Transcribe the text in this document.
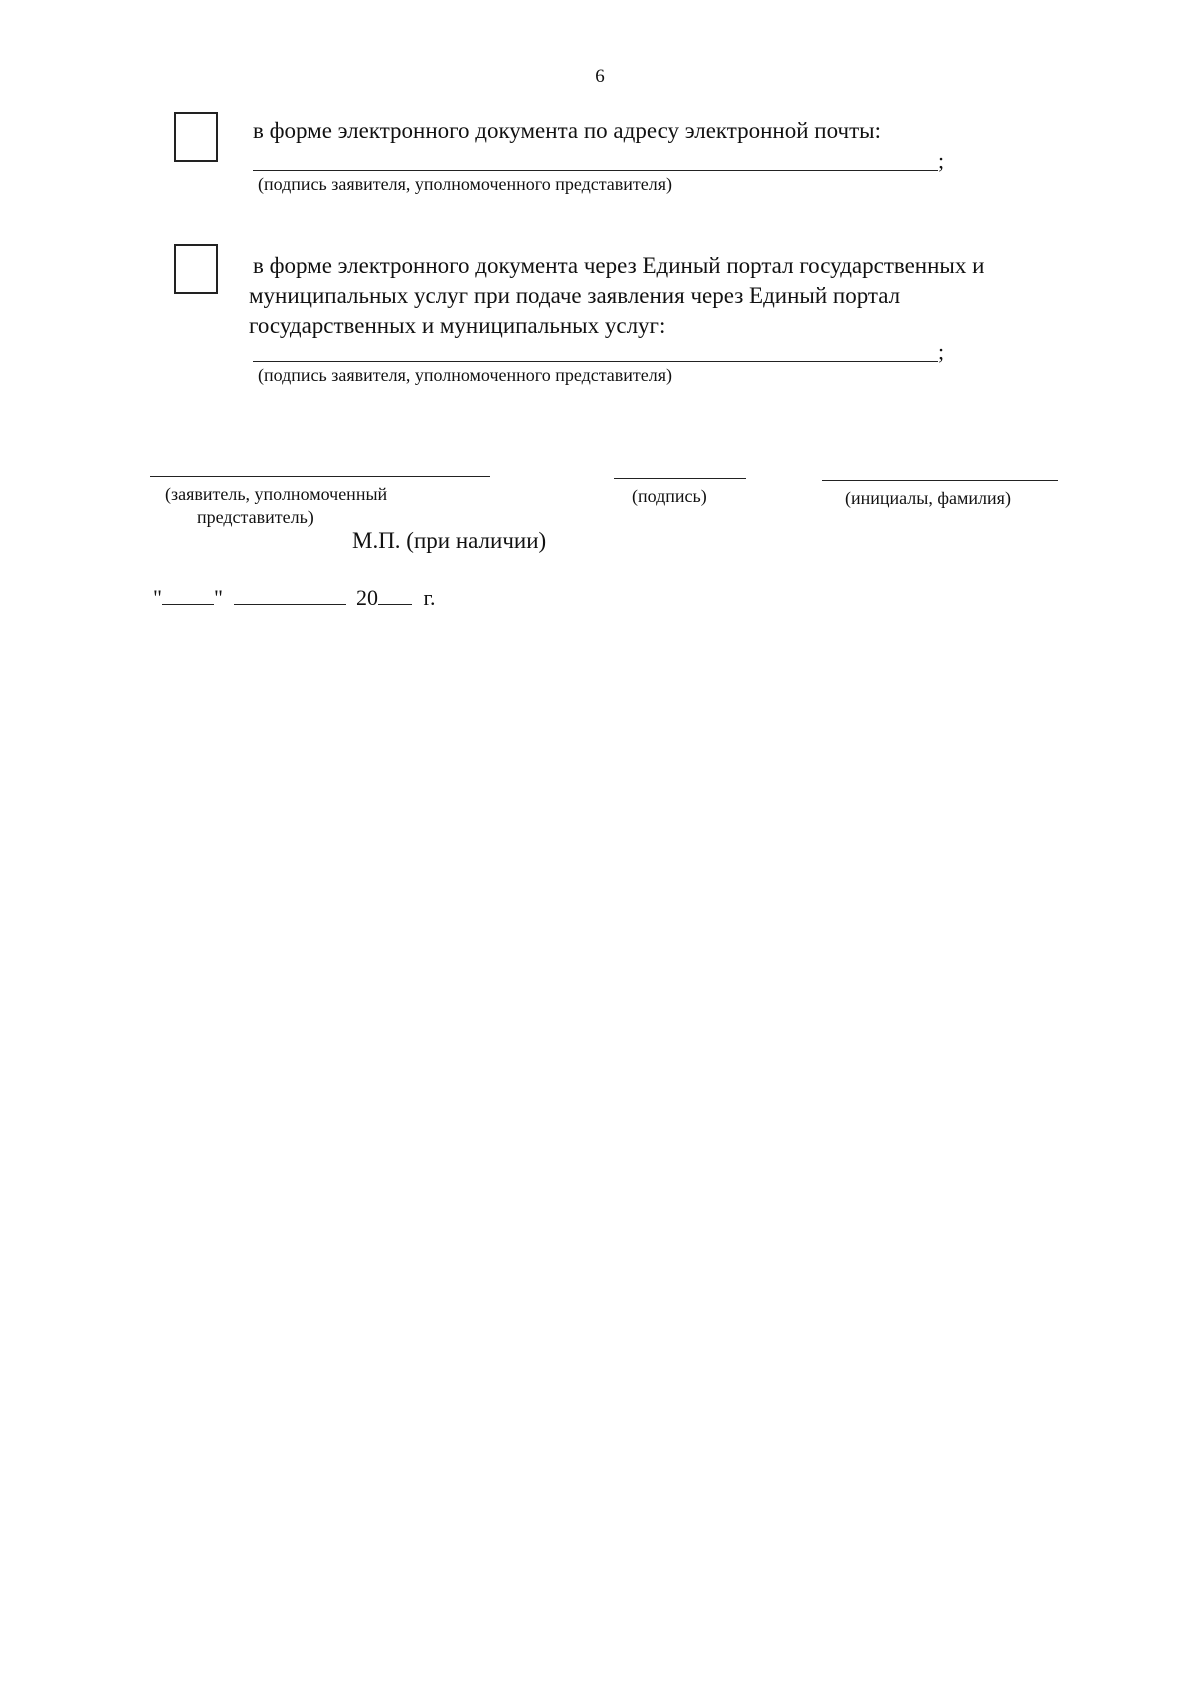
6
в форме электронного документа по адресу электронной почты:
;
(подпись заявителя, уполномоченного представителя)
в форме электронного документа через Единый портал государственных и
муниципальных услуг при подаче заявления через Единый портал
государственных и муниципальных услуг:
;
(подпись заявителя, уполномоченного представителя)
(заявитель, уполномоченный
представитель)
(подпись)	(инициалы, фамилия)
М.П. (при наличии)
" "	20 г.
